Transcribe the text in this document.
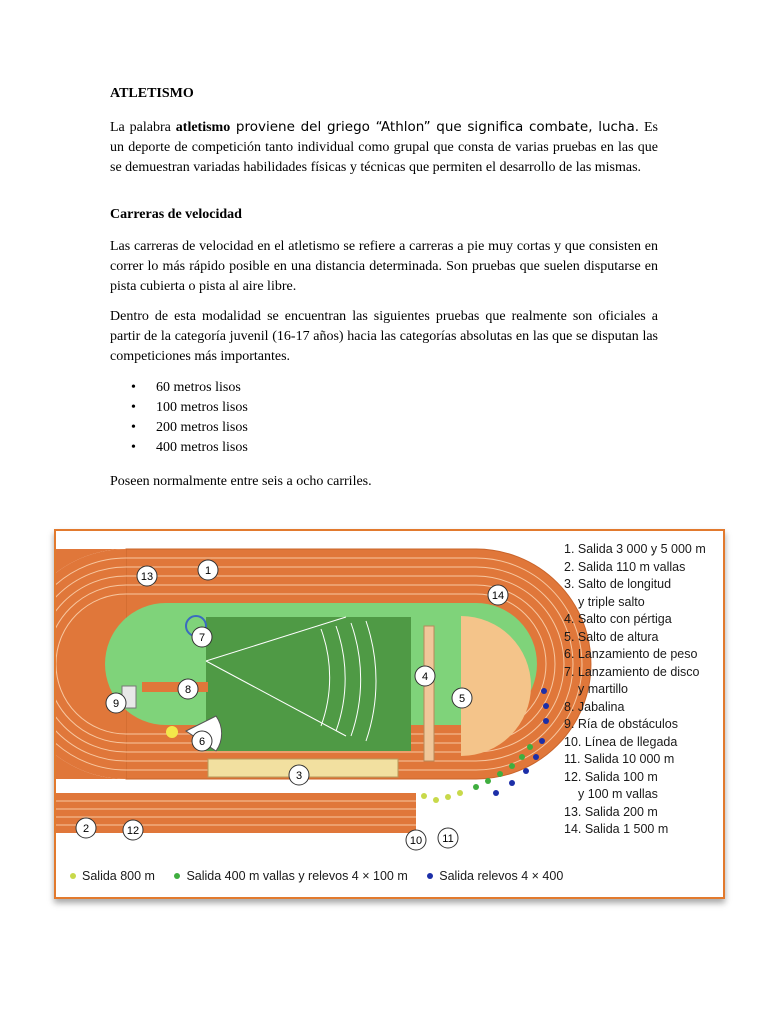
ATLETISMO

La palabra atletismo proviene del griego “Athlon” que significa combate, lucha. Es un deporte de competición tanto individual como grupal que consta de varias pruebas en las que se demuestran variadas habilidades físicas y técnicas que permiten el desarrollo de las mismas.

Carreras de velocidad

Las carreras de velocidad en el atletismo se refiere a carreras a pie muy cortas y que consisten en correr lo más rápido posible en una distancia determinada. Son pruebas que suelen disputarse en pista cubierta o pista al aire libre.

Dentro de esta modalidad se encuentran las siguientes pruebas que realmente son oficiales a partir de la categoría juvenil (16-17 años) hacia las categorías absolutas en las que se disputan las competiciones más importantes.

• 60 metros lisos
• 100 metros lisos
• 200 metros lisos
• 400 metros lisos

Poseen normalmente entre seis a ocho carriles.

1
2
3
4
5
6
7
8
9
10 11
12
13
14
1. Salida 3 000 y 5 000 m
2. Salida 110 m vallas
3. Salto de longitud
y triple salto
4. Salto con pértiga
5. Salto de altura
6. Lanzamiento de peso
7. Lanzamiento de disco
y martillo
8. Jabalina
9. Ría de obstáculos
10. Línea de llegada
11. Salida 10 000 m
12. Salida 100 m
y 100 m vallas
13. Salida 200 m
14. Salida 1 500 m
Salida 800 m	Salida 400 m vallas y relevos 4 × 100 m	Salida relevos 4 × 400
